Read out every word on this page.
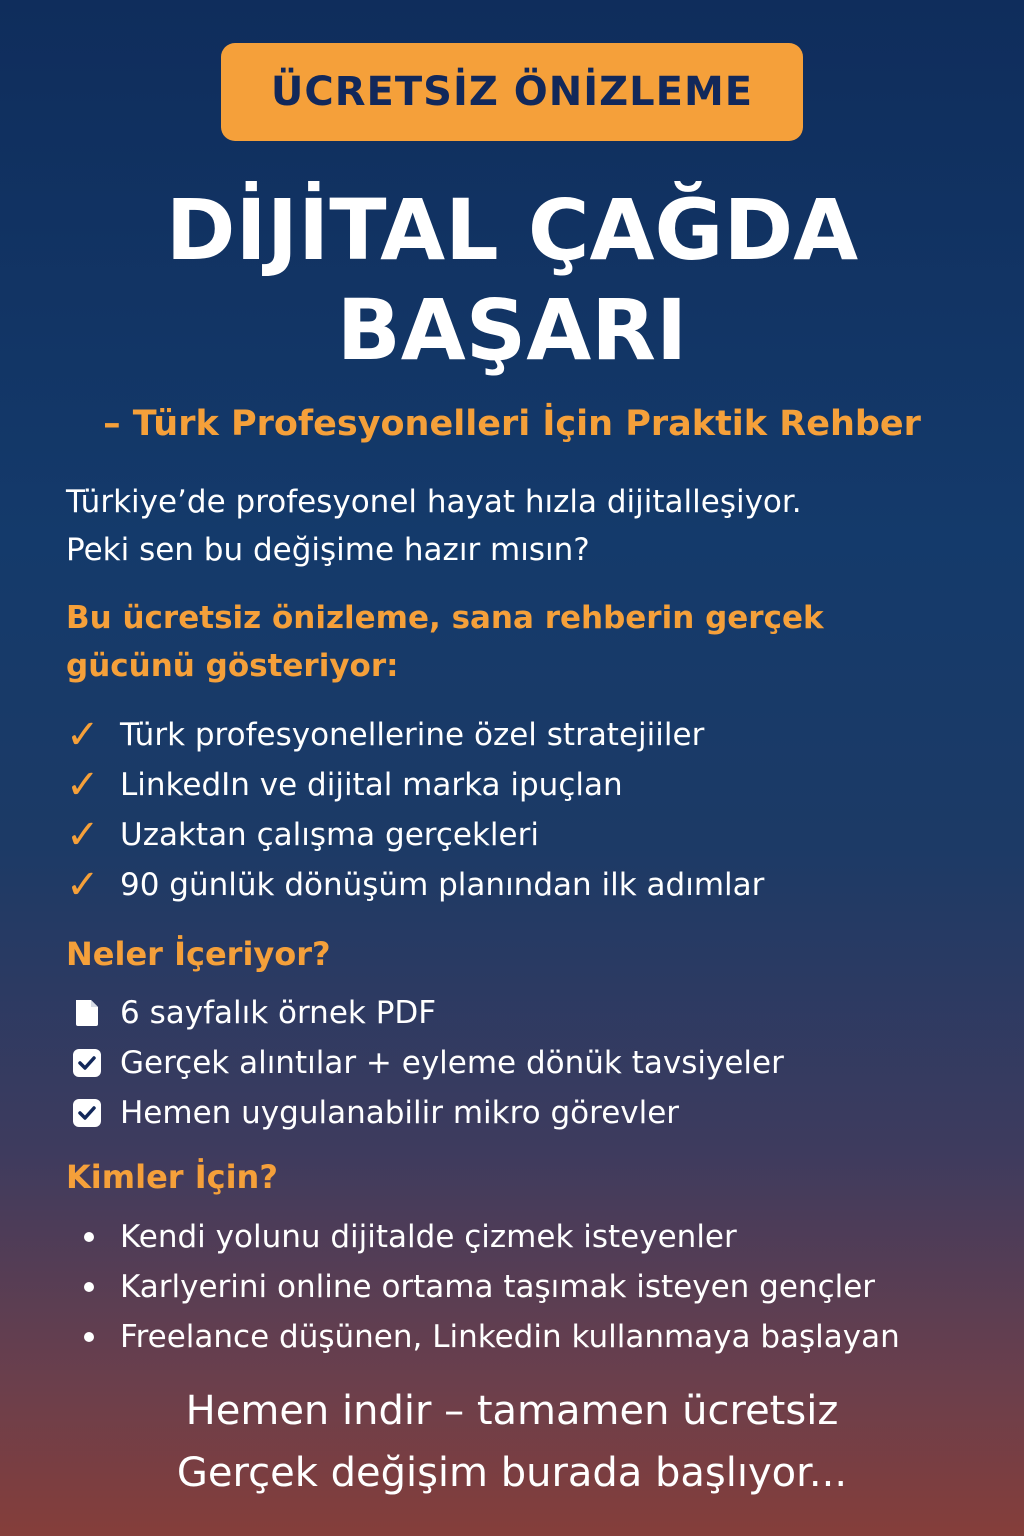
ÜCRETSİZ ÖNİZLEME
DİJİTAL ÇAĞDA
BAŞARI
– Türk Profesyonelleri İçin Praktik Rehber
Türkiye’de profesyonel hayat hızla dijitalleşiyor.
Peki sen bu değişime hazır mısın?
Bu ücretsiz önizleme, sana rehberin gerçek
gücünü gösteriyor:
✓ Türk profesyonellerine özel stratejiiler
✓ LinkedIn ve dijital marka ipuçlan
✓ Uzaktan çalışma gerçekleri
✓ 90 günlük dönüşüm planından ilk adımlar
Neler İçeriyor?
6 sayfalık örnek PDF
Gerçek alıntılar + eyleme dönük tavsiyeler
Hemen uygulanabilir mikro görevler
Kimler İçin?
Kendi yolunu dijitalde çizmek isteyenler
Karlyerini online ortama taşımak isteyen gençler
Freelance düşünen, Linkedin kullanmaya başlayan
Hemen indir – tamamen ücretsiz
Gerçek değişim burada başlıyor...
